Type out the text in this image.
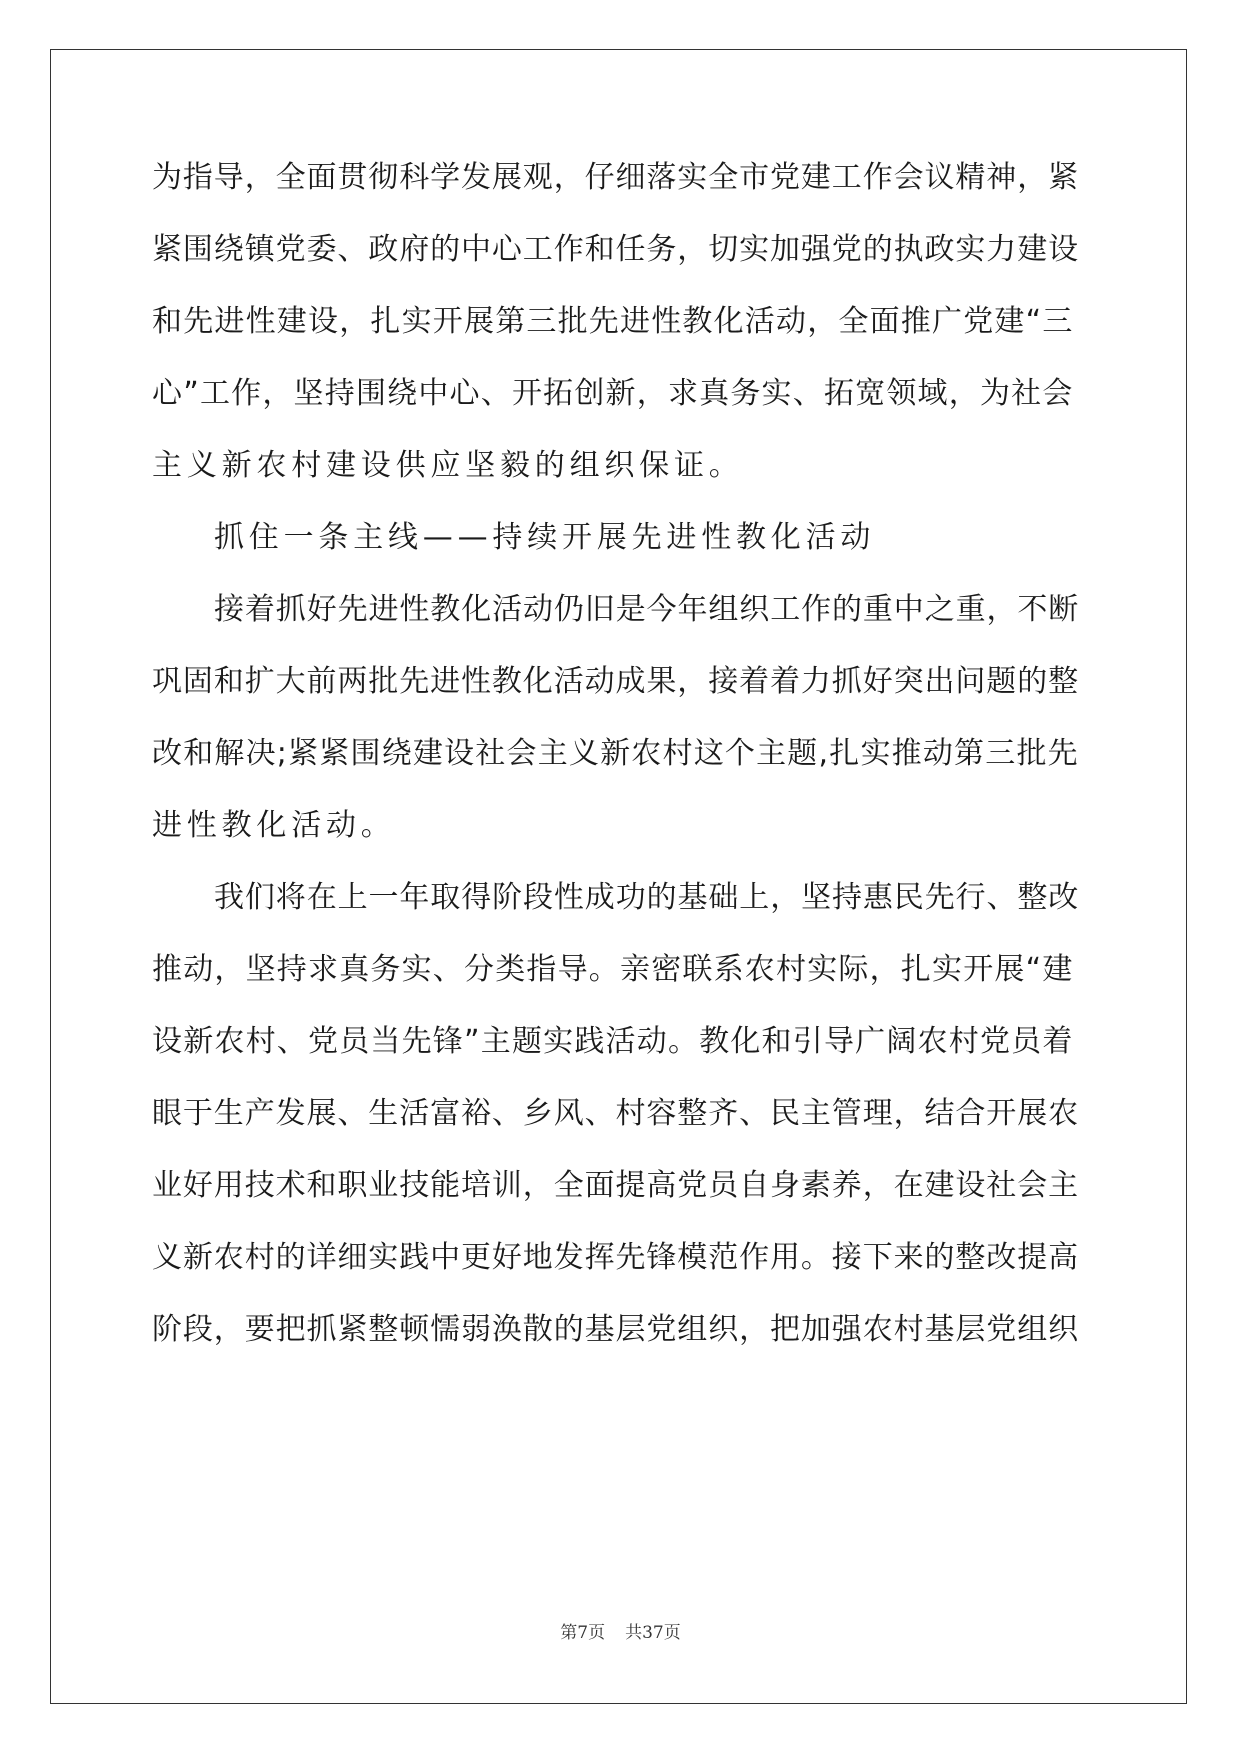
为指导，全面贯彻科学发展观，仔细落实全市党建工作会议精神，紧
紧围绕镇党委、政府的中心工作和任务，切实加强党的执政实力建设
和先进性建设，扎实开展第三批先进性教化活动，全面推广党建“三
心”工作，坚持围绕中心、开拓创新，求真务实、拓宽领域，为社会
主义新农村建设供应坚毅的组织保证。
抓住一条主线——持续开展先进性教化活动
接着抓好先进性教化活动仍旧是今年组织工作的重中之重，不断
巩固和扩大前两批先进性教化活动成果，接着着力抓好突出问题的整
改和解决;紧紧围绕建设社会主义新农村这个主题,扎实推动第三批先
进性教化活动。
我们将在上一年取得阶段性成功的基础上，坚持惠民先行、整改
推动，坚持求真务实、分类指导。亲密联系农村实际，扎实开展“建
设新农村、党员当先锋”主题实践活动。教化和引导广阔农村党员着
眼于生产发展、生活富裕、乡风、村容整齐、民主管理，结合开展农
业好用技术和职业技能培训，全面提高党员自身素养，在建设社会主
义新农村的详细实践中更好地发挥先锋模范作用。接下来的整改提高
阶段，要把抓紧整顿懦弱涣散的基层党组织，把加强农村基层党组织
第7页 共37页
